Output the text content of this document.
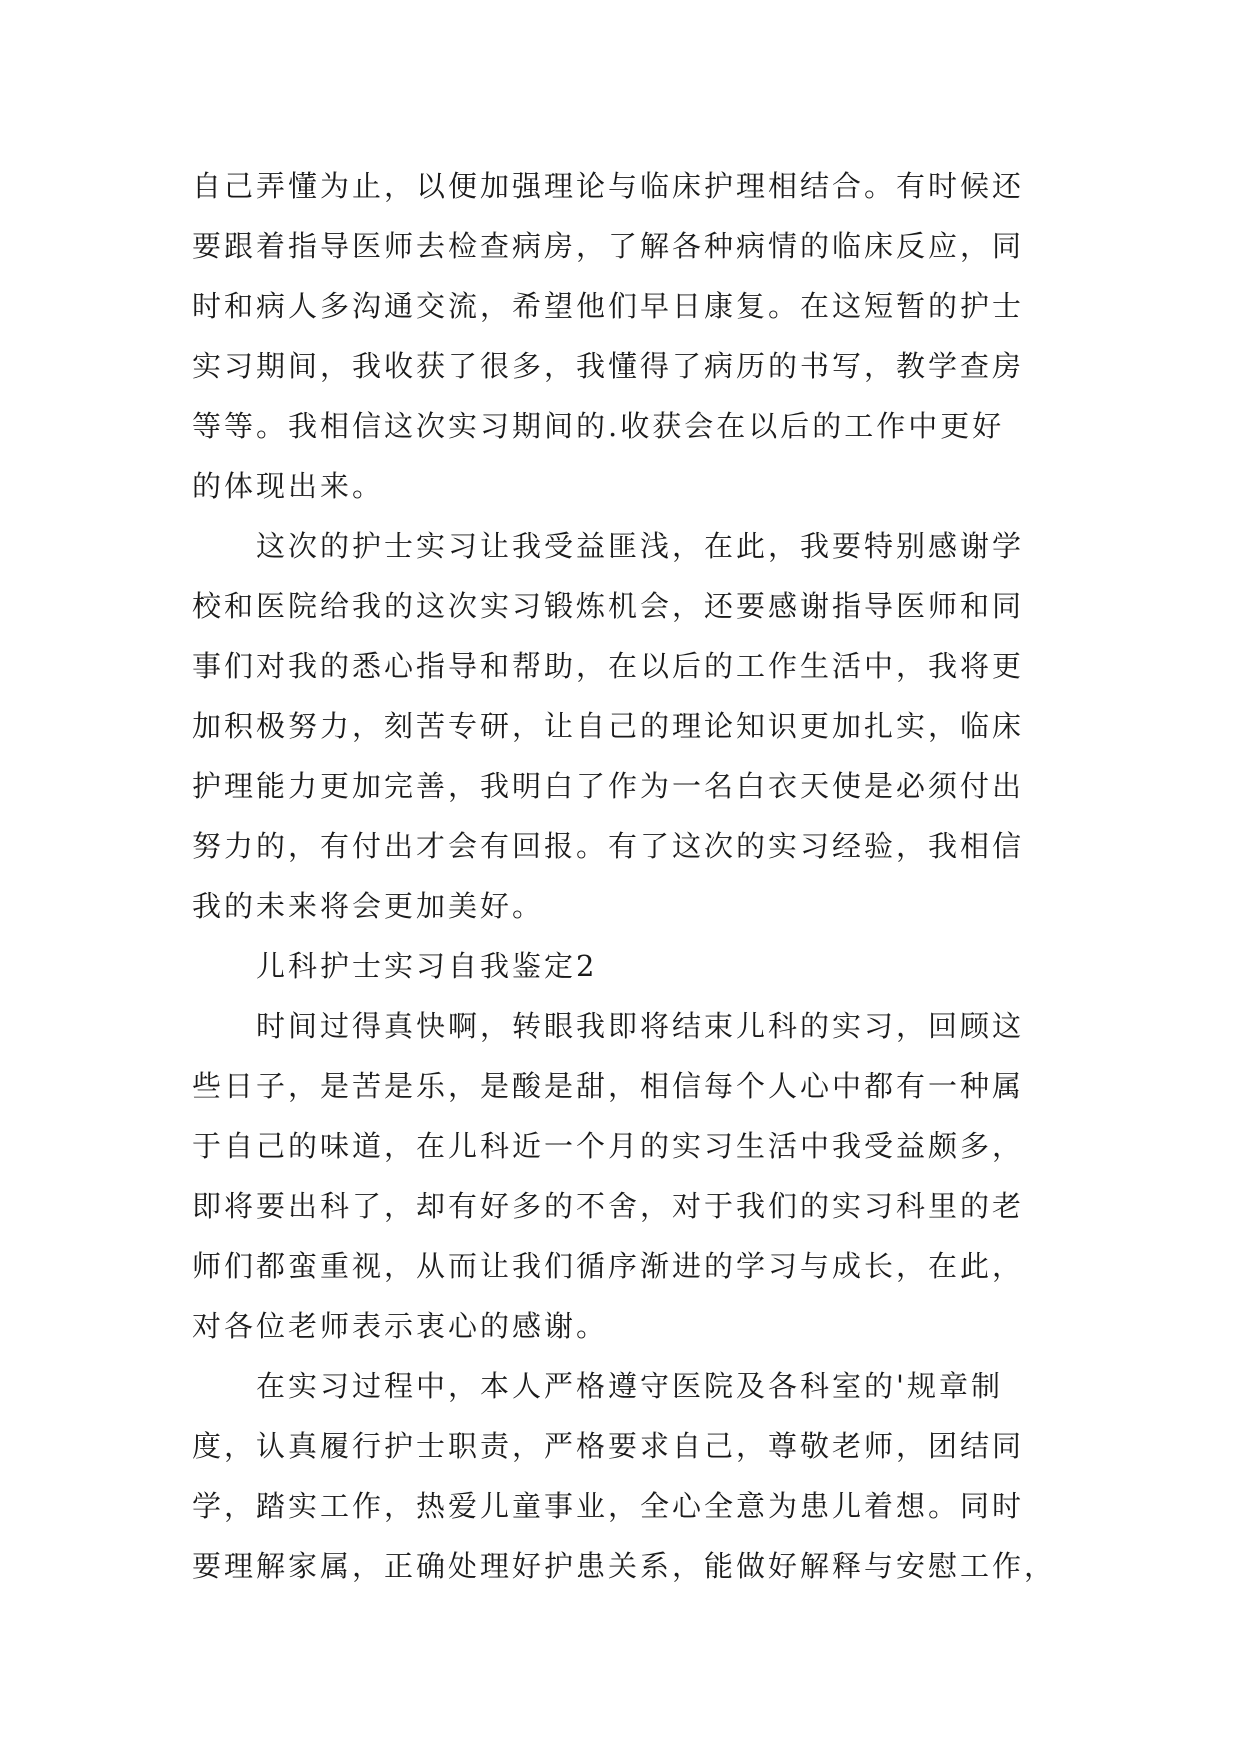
自己弄懂为止，以便加强理论与临床护理相结合。有时候还
要跟着指导医师去检查病房，了解各种病情的临床反应，同
时和病人多沟通交流，希望他们早日康复。在这短暂的护士
实习期间，我收获了很多，我懂得了病历的书写，教学查房
等等。我相信这次实习期间的.收获会在以后的工作中更好
的体现出来。
　　这次的护士实习让我受益匪浅，在此，我要特别感谢学
校和医院给我的这次实习锻炼机会，还要感谢指导医师和同
事们对我的悉心指导和帮助，在以后的工作生活中，我将更
加积极努力，刻苦专研，让自己的理论知识更加扎实，临床
护理能力更加完善，我明白了作为一名白衣天使是必须付出
努力的，有付出才会有回报。有了这次的实习经验，我相信
我的未来将会更加美好。
　　儿科护士实习自我鉴定2
　　时间过得真快啊，转眼我即将结束儿科的实习，回顾这
些日子，是苦是乐，是酸是甜，相信每个人心中都有一种属
于自己的味道，在儿科近一个月的实习生活中我受益颇多，
即将要出科了，却有好多的不舍，对于我们的实习科里的老
师们都蛮重视，从而让我们循序渐进的学习与成长，在此，
对各位老师表示衷心的感谢。
　　在实习过程中，本人严格遵守医院及各科室的'规章制
度，认真履行护士职责，严格要求自己，尊敬老师，团结同
学，踏实工作，热爱儿童事业，全心全意为患儿着想。同时
要理解家属，正确处理好护患关系，能做好解释与安慰工作，
